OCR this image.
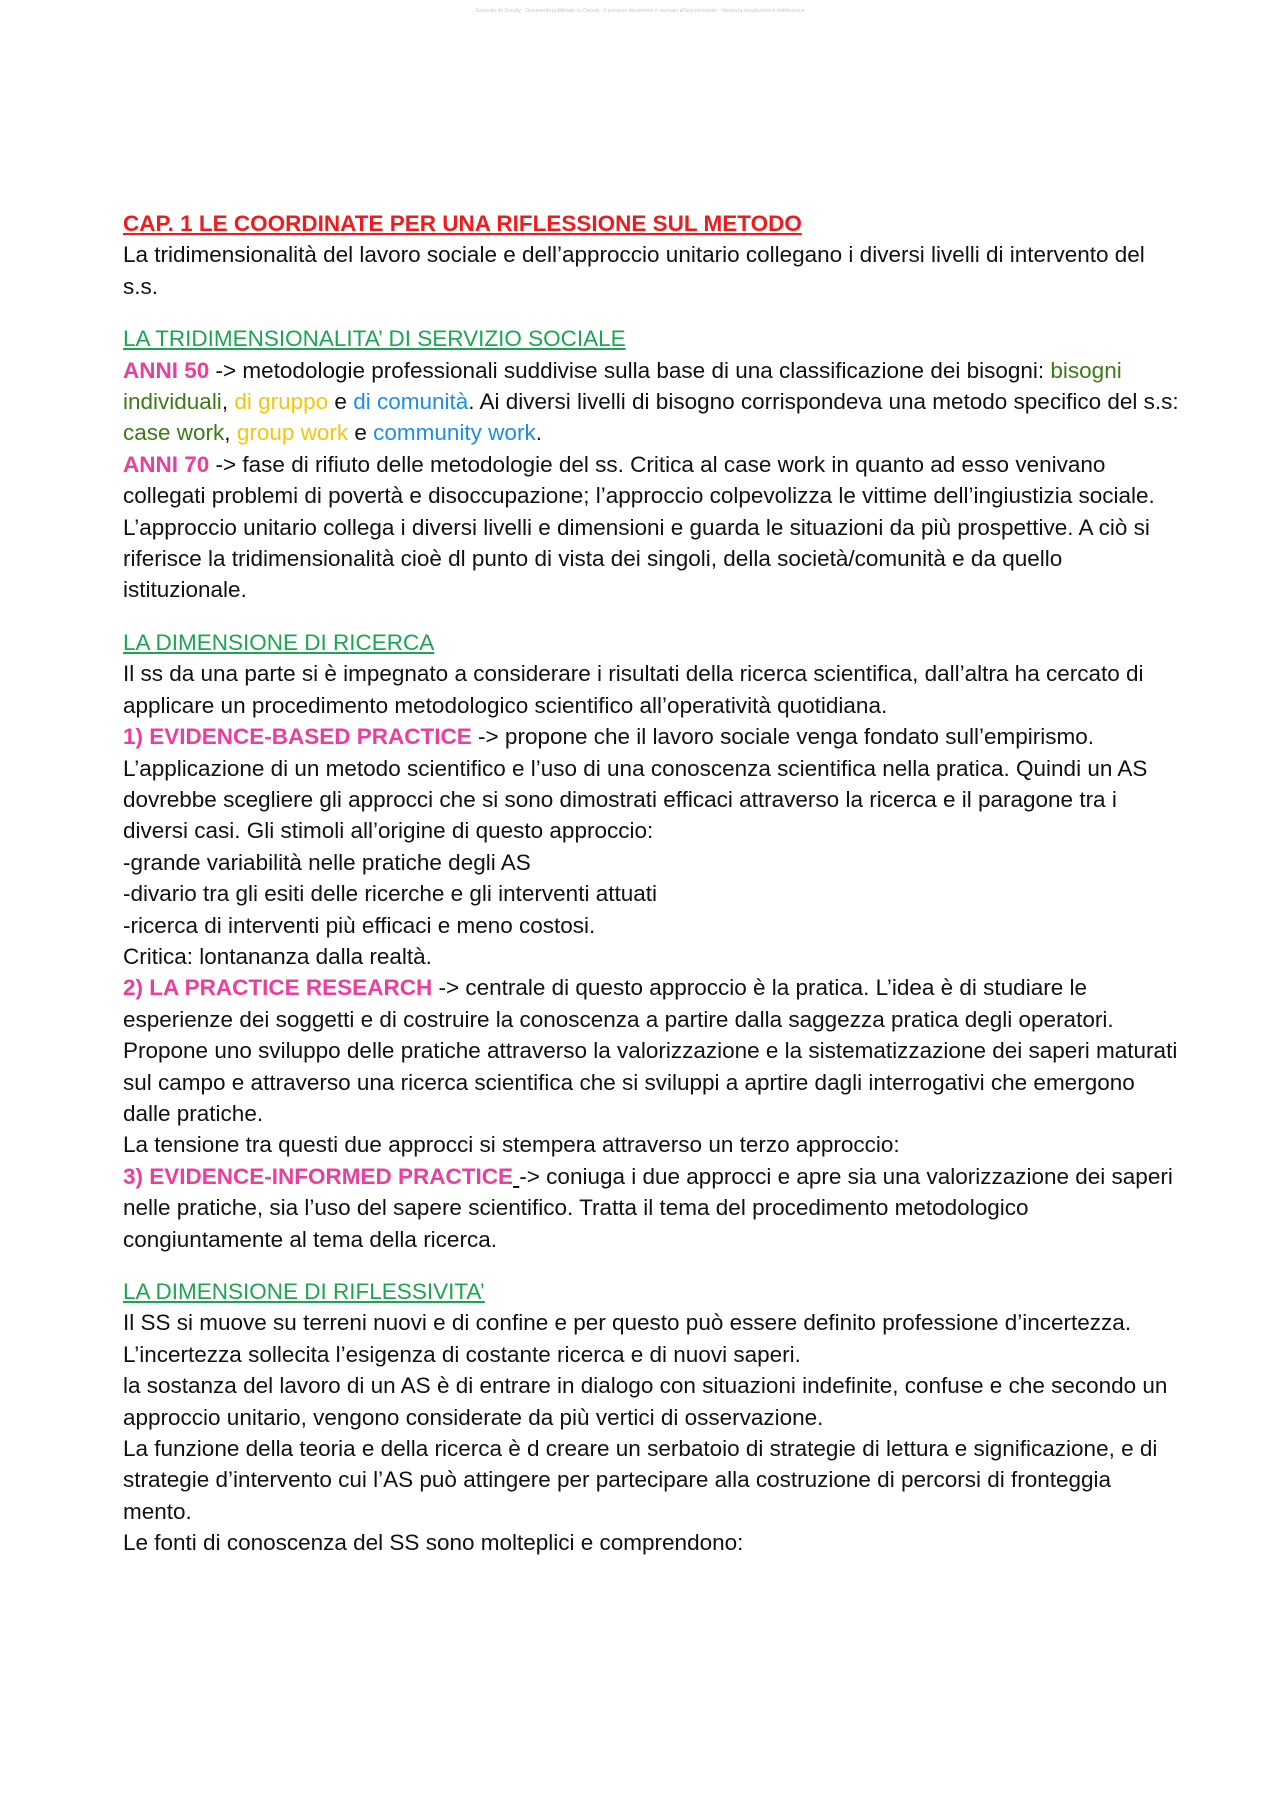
Scaricato da Docsity · Documento pubblicato su Docsity · Il presente documento è riservato all'uso personale · Vietata la riproduzione e distribuzione

CAP. 1 LE COORDINATE PER UNA RIFLESSIONE SUL METODO

La tridimensionalità del lavoro sociale e dell’approccio unitario collegano i diversi livelli di intervento del s.s.

LA TRIDIMENSIONALITA’ DI SERVIZIO SOCIALE

ANNI 50 -> metodologie professionali suddivise sulla base di una classificazione dei bisogni: bisogni individuali, di gruppo e di comunità. Ai diversi livelli di bisogno corrispondeva una metodo specifico del s.s: case work, group work e community work.

ANNI 70 -> fase di rifiuto delle metodologie del ss. Critica al case work in quanto ad esso venivano collegati problemi di povertà e disoccupazione; l’approccio colpevolizza le vittime dell’ingiustizia sociale.

L’approccio unitario collega i diversi livelli e dimensioni e guarda le situazioni da più prospettive. A ciò si riferisce la tridimensionalità cioè dl punto di vista dei singoli, della società/comunità e da quello istituzionale.

LA DIMENSIONE DI RICERCA

Il ss da una parte si è impegnato a considerare i risultati della ricerca scientifica, dall’altra ha cercato di applicare un procedimento metodologico scientifico all’operatività quotidiana.

1) EVIDENCE-BASED PRACTICE -> propone che il lavoro sociale venga fondato sull’empirismo. L’applicazione di un metodo scientifico e l’uso di una conoscenza scientifica nella pratica. Quindi un AS dovrebbe scegliere gli approcci che si sono dimostrati efficaci attraverso la ricerca e il paragone tra i diversi casi. Gli stimoli all’origine di questo approccio:

-grande variabilità nelle pratiche degli AS

-divario tra gli esiti delle ricerche e gli interventi attuati

-ricerca di interventi più efficaci e meno costosi.

Critica: lontananza dalla realtà.

2) LA PRACTICE RESEARCH -> centrale di questo approccio è la pratica. L’idea è di studiare le esperienze dei soggetti e di costruire la conoscenza a partire dalla saggezza pratica degli operatori.

Propone uno sviluppo delle pratiche attraverso la valorizzazione e la sistematizzazione dei saperi maturati sul campo e attraverso una ricerca scientifica che si sviluppi a aprtire dagli interrogativi che emergono dalle pratiche.

La tensione tra questi due approcci si stempera attraverso un terzo approccio:

3) EVIDENCE-INFORMED PRACTICE -> coniuga i due approcci e apre sia una valorizzazione dei saperi nelle pratiche, sia l’uso del sapere scientifico. Tratta il tema del procedimento metodologico congiuntamente al tema della ricerca.

LA DIMENSIONE DI RIFLESSIVITA’

Il SS si muove su terreni nuovi e di confine e per questo può essere definito professione d’incertezza.

L’incertezza sollecita l’esigenza di costante ricerca e di nuovi saperi.

la sostanza del lavoro di un AS è di entrare in dialogo con situazioni indefinite, confuse e che secondo un approccio unitario, vengono considerate da più vertici di osservazione.

La funzione della teoria e della ricerca è d creare un serbatoio di strategie di lettura e significazione, e di strategie d’intervento cui l’AS può attingere per partecipare alla costruzione di percorsi di fronteggia mento.

Le fonti di conoscenza del SS sono molteplici e comprendono:
